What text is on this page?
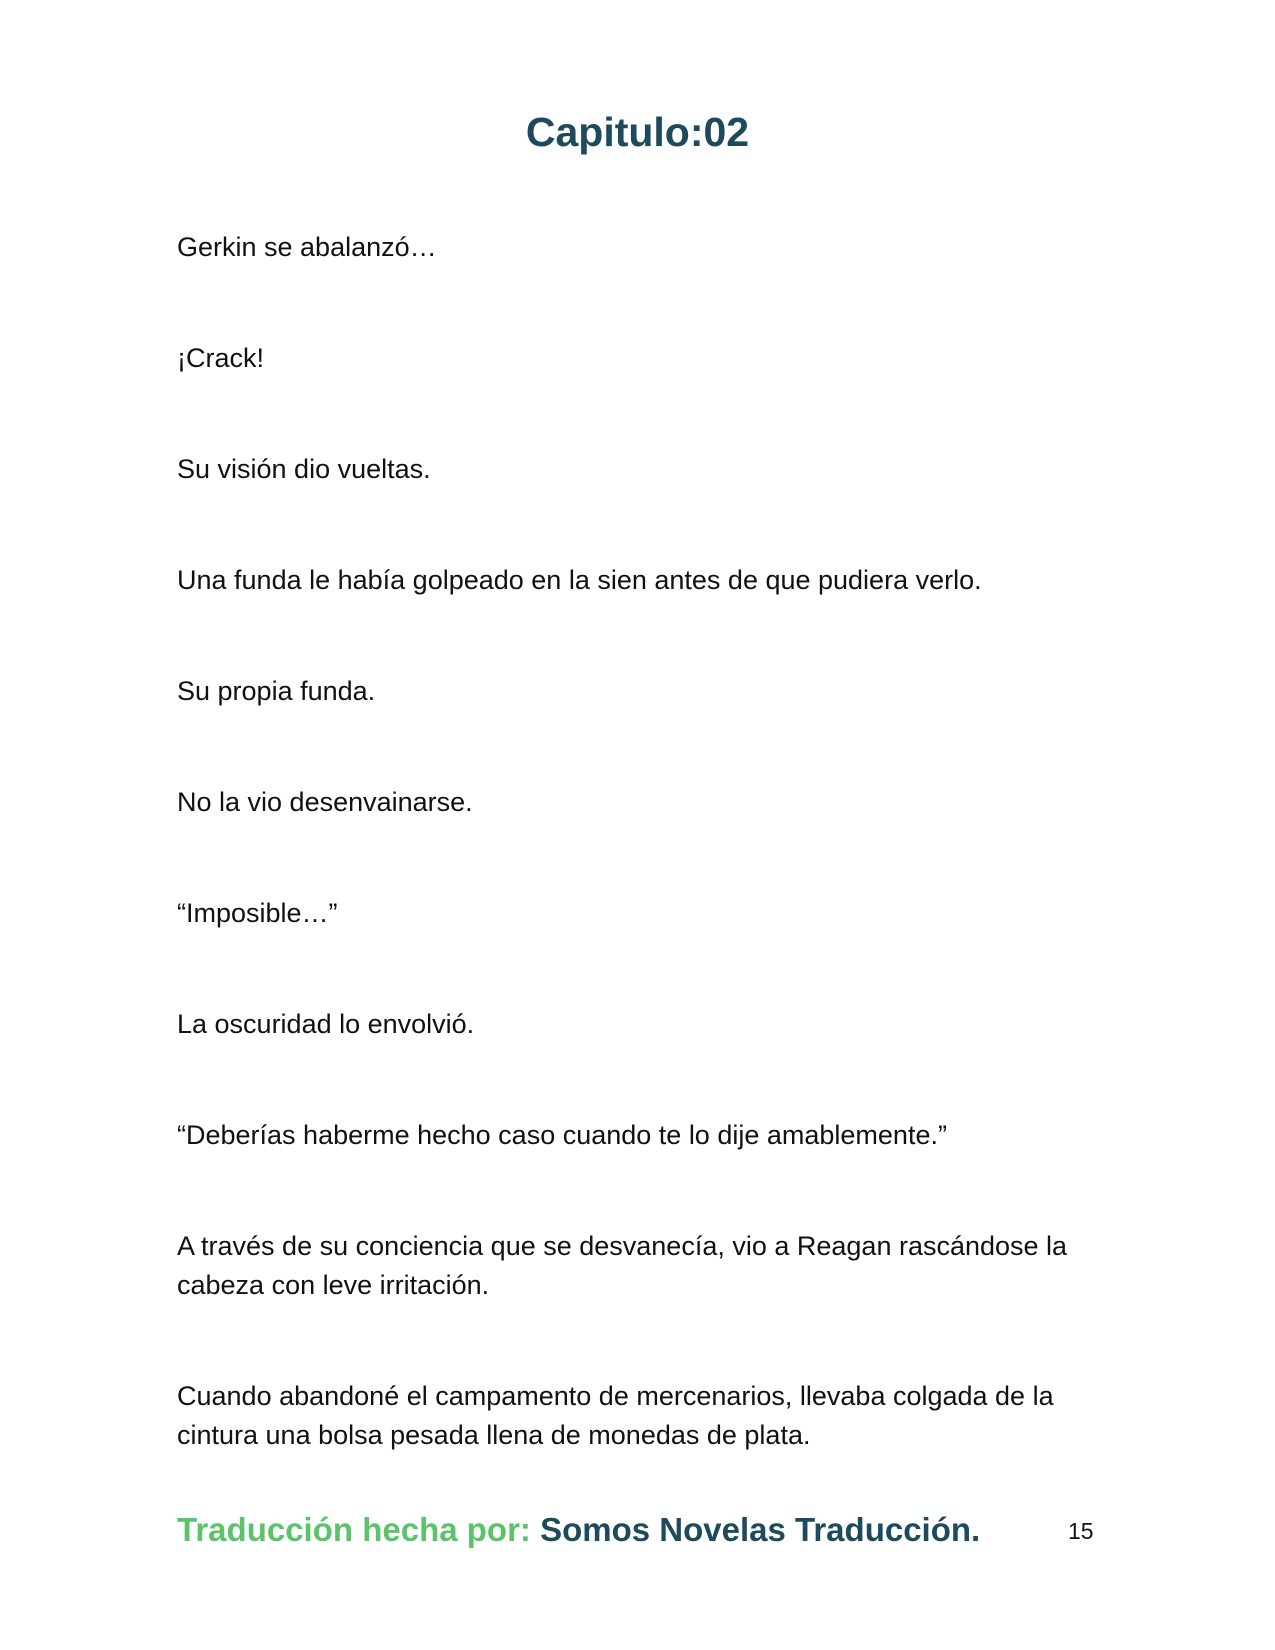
Capitulo:02

Gerkin se abalanzó…

¡Crack!

Su visión dio vueltas.

Una funda le había golpeado en la sien antes de que pudiera verlo.

Su propia funda.

No la vio desenvainarse.

“Imposible…”

La oscuridad lo envolvió.

“Deberías haberme hecho caso cuando te lo dije amablemente.”

A través de su conciencia que se desvanecía, vio a Reagan rascándose la cabeza con leve irritación.

Cuando abandoné el campamento de mercenarios, llevaba colgada de la cintura una bolsa pesada llena de monedas de plata.

Traducción hecha por: Somos Novelas Traducción.	15
